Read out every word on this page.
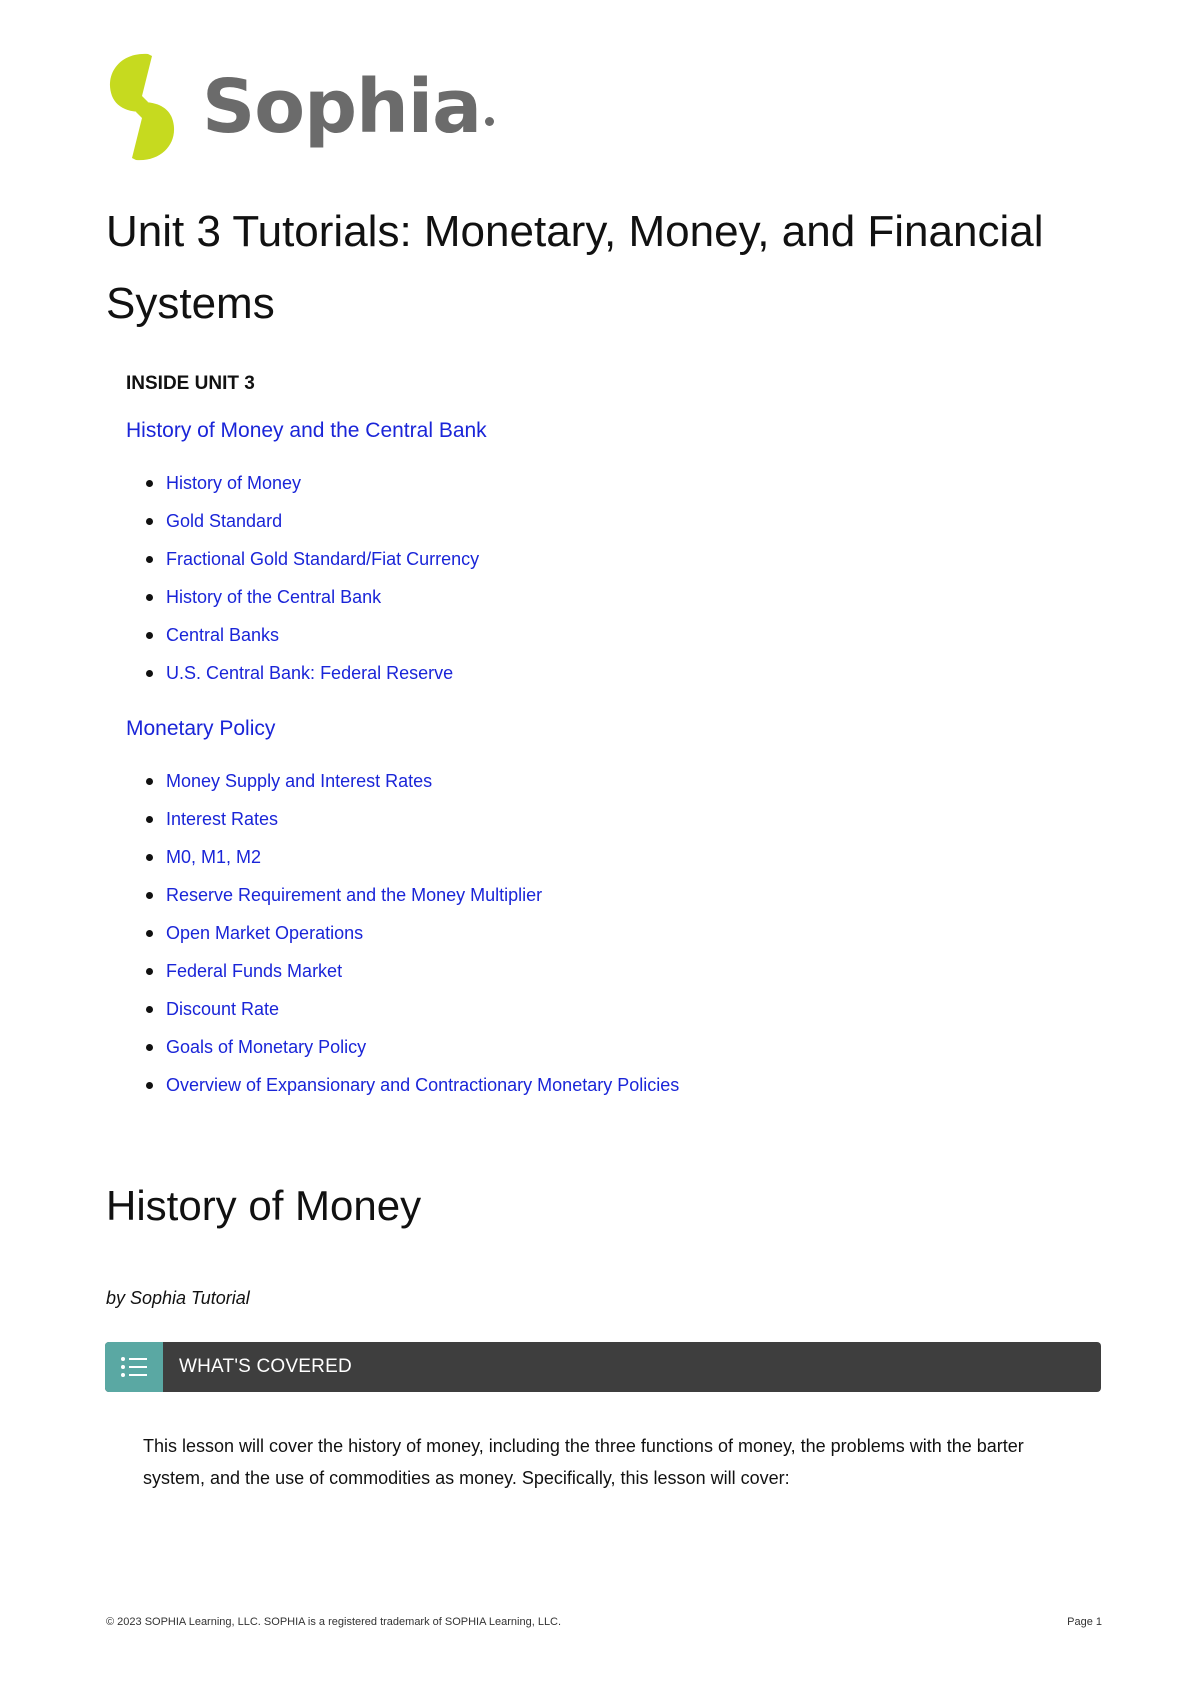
Sophia
Unit 3 Tutorials: Monetary, Money, and Financial Systems
INSIDE UNIT 3
History of Money and the Central Bank
History of Money
Gold Standard
Fractional Gold Standard/Fiat Currency
History of the Central Bank
Central Banks
U.S. Central Bank: Federal Reserve
Monetary Policy
Money Supply and Interest Rates
Interest Rates
M0, M1, M2
Reserve Requirement and the Money Multiplier
Open Market Operations
Federal Funds Market
Discount Rate
Goals of Monetary Policy
Overview of Expansionary and Contractionary Monetary Policies
History of Money
by Sophia Tutorial
WHAT'S COVERED
This lesson will cover the history of money, including the three functions of money, the problems with the barter system, and the use of commodities as money. Specifically, this lesson will cover:
© 2023 SOPHIA Learning, LLC. SOPHIA is a registered trademark of SOPHIA Learning, LLC.	Page 1
